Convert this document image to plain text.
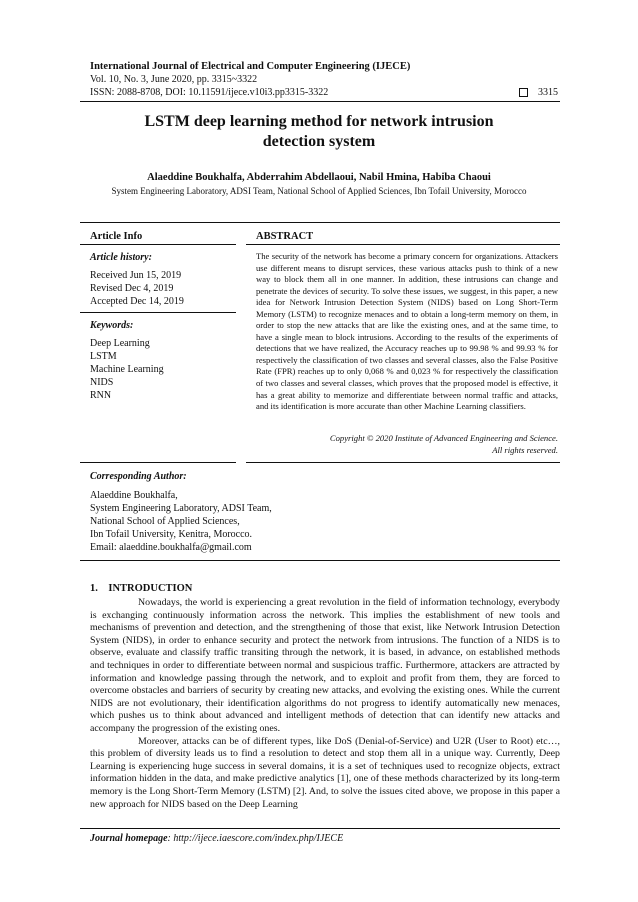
International Journal of Electrical and Computer Engineering (IJECE)
Vol. 10, No. 3, June 2020, pp. 3315~3322
ISSN: 2088-8708, DOI: 10.11591/ijece.v10i3.pp3315-3322	3315
LSTM deep learning method for network intrusion
detection system
Alaeddine Boukhalfa, Abderrahim Abdellaoui, Nabil Hmina, Habiba Chaoui
System Engineering Laboratory, ADSI Team, National School of Applied Sciences, Ibn Tofail University, Morocco
Article Info
Article history:
Received Jun 15, 2019
Revised Dec 4, 2019
Accepted Dec 14, 2019
Keywords:
Deep Learning
LSTM
Machine Learning
NIDS
RNN
ABSTRACT
The security of the network has become a primary concern for organizations. Attackers use different means to disrupt services, these various attacks push to think of a new way to block them all in one manner. In addition, these intrusions can change and penetrate the devices of security. To solve these issues, we suggest, in this paper, a new idea for Network Intrusion Detection System (NIDS) based on Long Short-Term Memory (LSTM) to recognize menaces and to obtain a long-term memory on them, in order to stop the new attacks that are like the existing ones, and at the same time, to have a single mean to block intrusions. According to the results of the experiments of detections that we have realized, the Accuracy reaches up to 99.98 % and 99.93 % for respectively the classification of two classes and several classes, also the False Positive Rate (FPR) reaches up to only 0,068 % and 0,023 % for respectively the classification of two classes and several classes, which proves that the proposed model is effective, it has a great ability to memorize and differentiate between normal traffic and attacks, and its identification is more accurate than other Machine Learning classifiers.
Copyright © 2020 Institute of Advanced Engineering and Science.
All rights reserved.
Corresponding Author:
Alaeddine Boukhalfa,
System Engineering Laboratory, ADSI Team,
National School of Applied Sciences,
Ibn Tofail University, Kenitra, Morocco.
Email: alaeddine.boukhalfa@gmail.com
1.    INTRODUCTION

Nowadays, the world is experiencing a great revolution in the field of information technology, everybody is exchanging continuously information across the network. This implies the establishment of new tools and mechanisms of prevention and detection, and the strengthening of those that exist, like Network Intrusion Detection System (NIDS), in order to enhance security and protect the network from intrusions. The function of a NIDS is to observe, evaluate and classify traffic transiting through the network, it is based, in advance, on established methods and techniques in order to differentiate between normal and suspicious traffic. Furthermore, attackers are attracted by information and knowledge passing through the network, and to exploit and profit from them, they are forced to overcome obstacles and barriers of security by creating new attacks, and evolving the existing ones. While the current NIDS are not evolutionary, their identification algorithms do not progress to identify automatically new menaces, which pushes us to think about advanced and intelligent methods of detection that can identify new attacks and accompany the progression of the existing ones.

Moreover, attacks can be of different types, like DoS (Denial-of-Service) and U2R (User to Root) etc…, this problem of diversity leads us to find a resolution to detect and stop them all in a unique way. Currently, Deep Learning is experiencing huge success in several domains, it is a set of techniques used to recognize objects, extract information hidden in the data, and make predictive analytics [1], one of these methods characterized by its long-term memory is the Long Short-Term Memory (LSTM) [2]. And, to solve the issues cited above, we propose in this paper a new approach for NIDS based on the Deep Learning

Journal homepage: http://ijece.iaescore.com/index.php/IJECE
